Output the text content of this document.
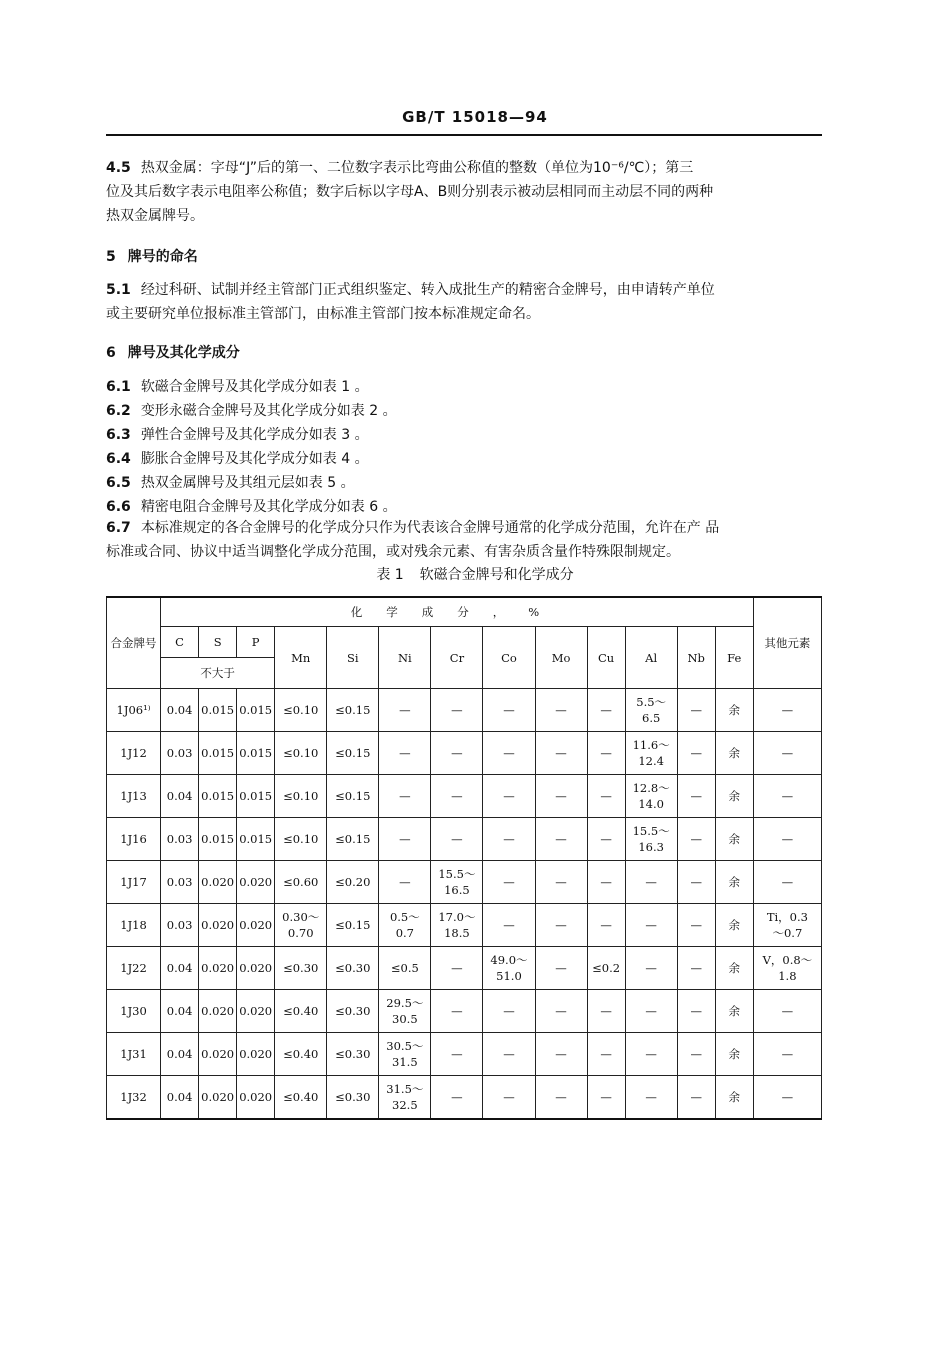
GB/T 15018—94
4.5 热双金属：字母“J”后的第一、二位数字表示比弯曲公称值的整数（单位为10⁻⁶/℃）；第三
位及其后数字表示电阻率公称值；数字后标以字母A、B则分别表示被动层相同而主动层不同的两种
热双金属牌号。
5 牌号的命名
5.1 经过科研、试制并经主管部门正式组织鉴定、转入成批生产的精密合金牌号，由申请转产单位
或主要研究单位报标准主管部门，由标准主管部门按本标准规定命名。
6 牌号及其化学成分
6.1 软磁合金牌号及其化学成分如表 1 。
6.2 变形永磁合金牌号及其化学成分如表 2 。
6.3 弹性合金牌号及其化学成分如表 3 。
6.4 膨胀合金牌号及其化学成分如表 4 。
6.5 热双金属牌号及其组元层如表 5 。
6.6 精密电阻合金牌号及其化学成分如表 6 。
6.7 本标准规定的各合金牌号的化学成分只作为代表该合金牌号通常的化学成分范围，允许在产 品
标准或合同、协议中适当调整化学成分范围，或对残余元素、有害杂质含量作特殊限制规定。
表 1 软磁合金牌号和化学成分
合金牌号	化学成分，%													其他元素
	C	S	P	Mn	Si	Ni	Cr	Co	Mo	Cu	Al	Nb	Fe	
	不大于													
1J06¹⁾	0.04	0.015	0.015	≤0.10	≤0.15	—	—	—	—	—	5.5～
6.5	—	余	—
1J12	0.03	0.015	0.015	≤0.10	≤0.15	—	—	—	—	—	11.6～
12.4	—	余	—
1J13	0.04	0.015	0.015	≤0.10	≤0.15	—	—	—	—	—	12.8～
14.0	—	余	—
1J16	0.03	0.015	0.015	≤0.10	≤0.15	—	—	—	—	—	15.5～
16.3	—	余	—
1J17	0.03	0.020	0.020	≤0.60	≤0.20	—	15.5～
16.5	—	—	—	—	—	余	—
1J18	0.03	0.020	0.020	0.30～
0.70	≤0.15	0.5～
0.7	17.0～
18.5	—	—	—	—	—	余	Ti，0.3
～0.7
1J22	0.04	0.020	0.020	≤0.30	≤0.30	≤0.5	—	49.0～
51.0	—	≤0.2	—	—	余	V，0.8～
1.8
1J30	0.04	0.020	0.020	≤0.40	≤0.30	29.5～
30.5	—	—	—	—	—	—	余	—
1J31	0.04	0.020	0.020	≤0.40	≤0.30	30.5～
31.5	—	—	—	—	—	—	余	—
1J32	0.04	0.020	0.020	≤0.40	≤0.30	31.5～
32.5	—	—	—	—	—	—	余	—
